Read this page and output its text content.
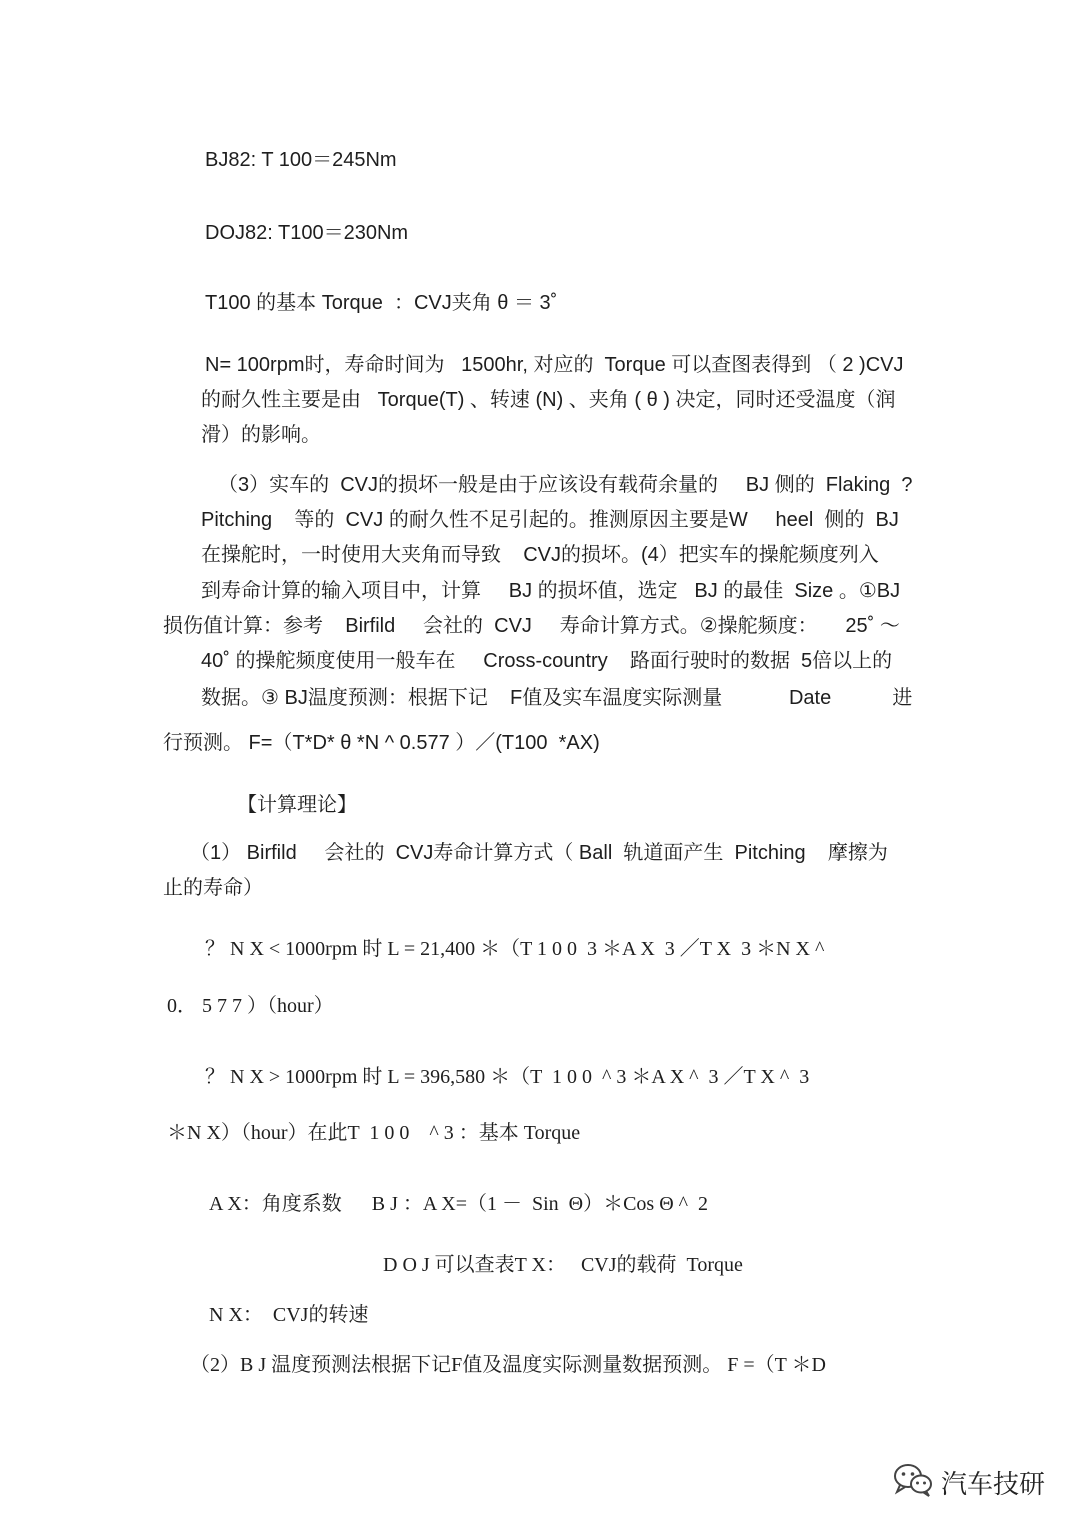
BJ82: T 100＝245Nm
DOJ82: T100＝230Nm
T100 的基本 Torque  ：CVJ夹角 θ ＝ 3˚
N= 100rpm时，寿命时间为   1500hr, 对应的  Torque 可以查图表得到 （ 2 )CVJ
的耐久性主要是由   Torque(T) 、转速 (N) 、夹角 ( θ ) 决定，同时还受温度（润
滑）的影响。
（3）实车的  CVJ的损坏一般是由于应该设有载荷余量的     BJ 侧的  Flaking  ?
Pitching    等的  CVJ 的耐久性不足引起的。推测原因主要是W     heel  侧的  BJ
在操舵时，一时使用大夹角而导致    CVJ的损坏。(4）把实车的操舵频度列入
到寿命计算的输入项目中，计算     BJ 的损坏值，选定   BJ 的最佳  Size 。①BJ
损伤值计算：参考    Birfild     会社的  CVJ     寿命计算方式。②操舵频度：     25˚ ～
40˚ 的操舵频度使用一般车在     Cross-country    路面行驶时的数据  5倍以上的
数据。③ BJ温度预测：根据下记    F值及实车温度实际测量            Date           进
行预测。 F=（T*D* θ *N ^ 0.577 ）／(T100  *AX)
【计算理论】
（1） Birfild     会社的  CVJ寿命计算方式（ Ball  轨道面产生  Pitching    摩擦为
止的寿命）
？ N X < 1000rpm 时 L = 21,400 ＊（T 1 0 0  3 ＊A X  3 ／T X  3 ＊N X ^
0． 5 7 7 ）（hour）
？ N X > 1000rpm 时 L = 396,580 ＊（T  1 0 0  ^ 3 ＊A X ^  3 ／T X ^  3
＊N X）（hour）在此T  1 0 0    ^ 3 ：基本 Torque
A X：角度系数      B J ：A X=（1 －  Sin  Θ）＊Cos Θ ^  2
D O J 可以查表T X：   CVJ的载荷  Torque
N X：  CVJ的转速
（2）B J 温度预测法根据下记F值及温度实际测量数据预测。 F =（T ＊D
汽车技研
